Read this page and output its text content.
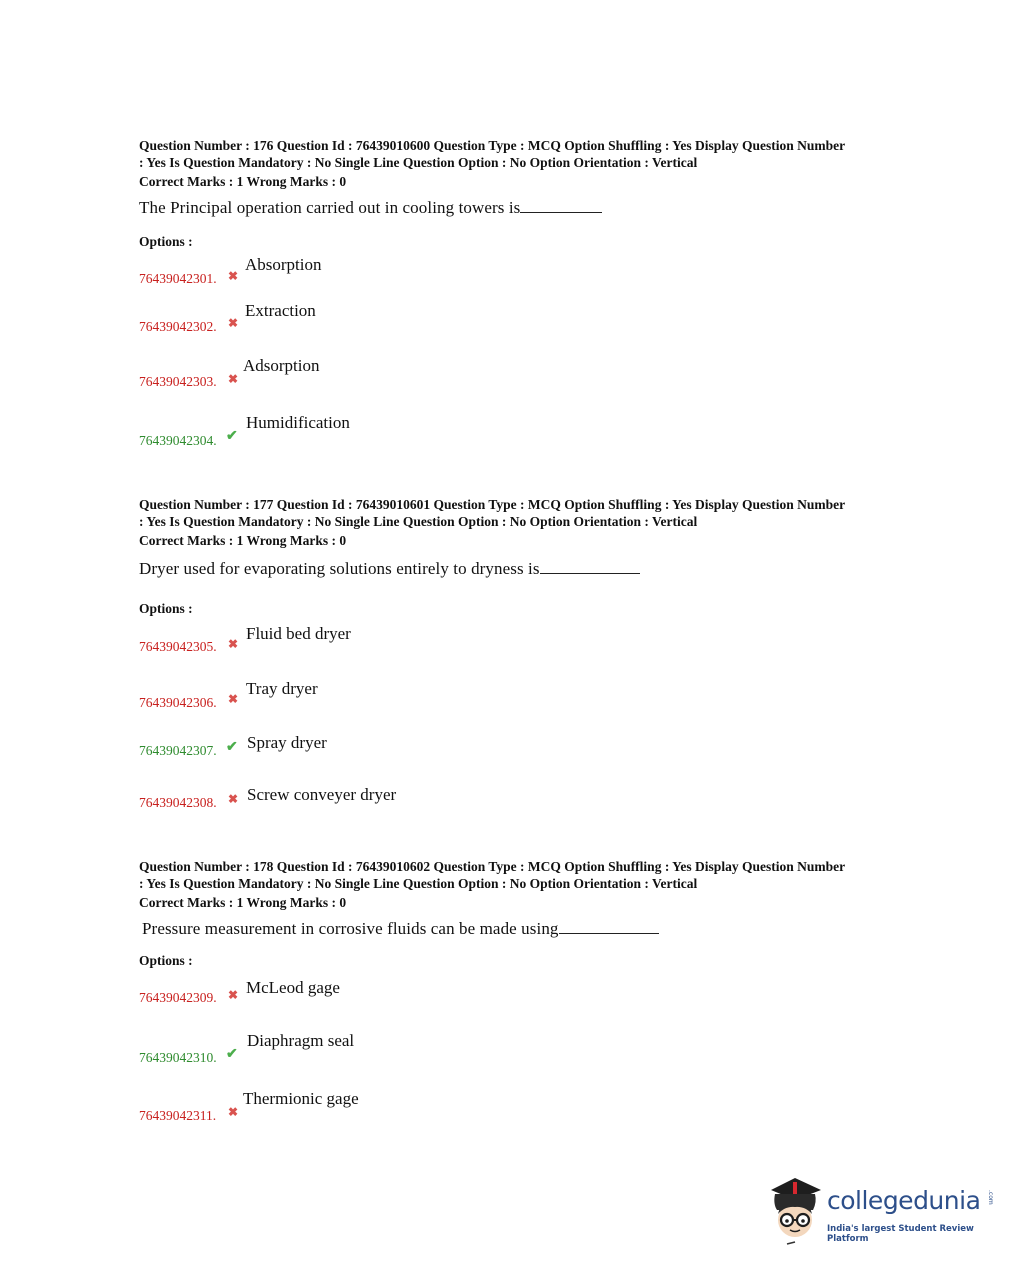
Question Number : 176 Question Id : 76439010600 Question Type : MCQ Option Shuffling : Yes Display Question Number
: Yes Is Question Mandatory : No Single Line Question Option : No Option Orientation : Vertical
Correct Marks : 1 Wrong Marks : 0
The Principal operation carried out in cooling towers is
Options :
76439042301. ✖
Absorption
76439042302. ✖
Extraction
76439042303. ✖
Adsorption
76439042304. ✔
Humidification
Question Number : 177 Question Id : 76439010601 Question Type : MCQ Option Shuffling : Yes Display Question Number
: Yes Is Question Mandatory : No Single Line Question Option : No Option Orientation : Vertical
Correct Marks : 1 Wrong Marks : 0
Dryer used for evaporating solutions entirely to dryness is
Options :
76439042305. ✖
Fluid bed dryer
76439042306. ✖
Tray dryer
76439042307. ✔ Spray dryer
76439042308. ✖ Screw conveyer dryer
Question Number : 178 Question Id : 76439010602 Question Type : MCQ Option Shuffling : Yes Display Question Number
: Yes Is Question Mandatory : No Single Line Question Option : No Option Orientation : Vertical
Correct Marks : 1 Wrong Marks : 0
Pressure measurement in corrosive fluids can be made using
Options :
76439042309. ✖ McLeod gage
76439042310. ✔
Diaphragm seal
76439042311. ✖
Thermionic gage
collegedunia .com
India's largest Student Review Platform
